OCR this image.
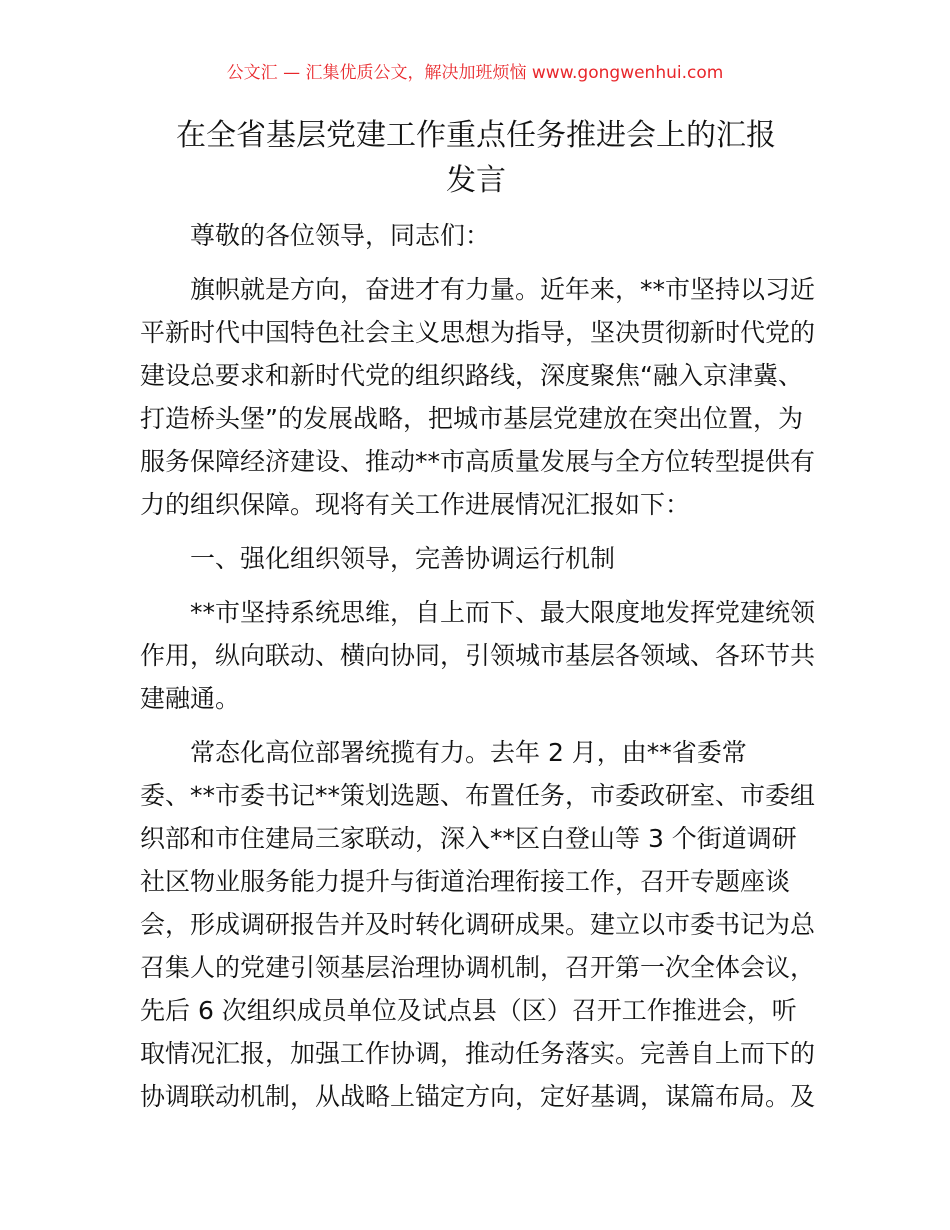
公文汇 — 汇集优质公文，解决加班烦恼 www.gongwenhui.com
在全省基层党建工作重点任务推进会上的汇报
发言
尊敬的各位领导，同志们：
旗帜就是方向，奋进才有力量。近年来，**市坚持以习近
平新时代中国特色社会主义思想为指导，坚决贯彻新时代党的
建设总要求和新时代党的组织路线，深度聚焦“融入京津冀、
打造桥头堡”的发展战略，把城市基层党建放在突出位置，为
服务保障经济建设、推动**市高质量发展与全方位转型提供有
力的组织保障。现将有关工作进展情况汇报如下：
一、强化组织领导，完善协调运行机制
**市坚持系统思维，自上而下、最大限度地发挥党建统领
作用，纵向联动、横向协同，引领城市基层各领域、各环节共
建融通。
常态化高位部署统揽有力。去年 2 月，由**省委常
委、**市委书记**策划选题、布置任务，市委政研室、市委组
织部和市住建局三家联动，深入**区白登山等 3 个街道调研
社区物业服务能力提升与街道治理衔接工作，召开专题座谈
会，形成调研报告并及时转化调研成果。建立以市委书记为总
召集人的党建引领基层治理协调机制，召开第一次全体会议，
先后 6 次组织成员单位及试点县（区）召开工作推进会，听
取情况汇报，加强工作协调，推动任务落实。完善自上而下的
协调联动机制，从战略上锚定方向，定好基调，谋篇布局。及
